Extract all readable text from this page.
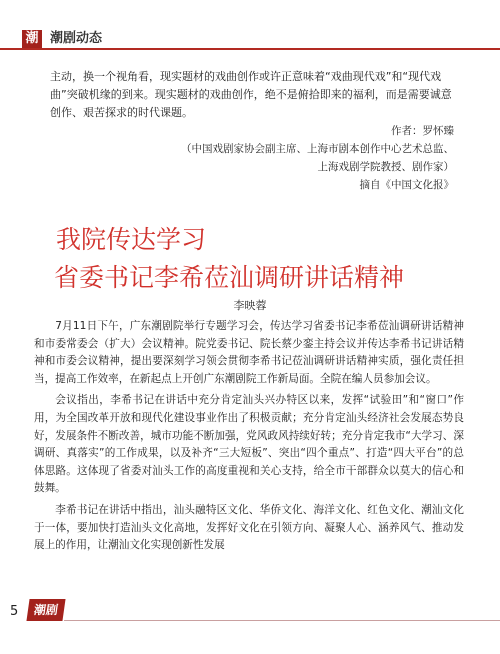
潮 潮剧动态

主动，换一个视角看，现实题材的戏曲创作或许正意味着“戏曲现代戏”和“现代戏曲”突破机缘的到来。现实题材的戏曲创作，绝不是俯拾即来的福利，而是需要诚意创作、艰苦探求的时代课题。

作者：罗怀臻
（中国戏剧家协会副主席、上海市剧本创作中心艺术总监、
上海戏剧学院教授、剧作家）
摘自《中国文化报》
我院传达学习
省委书记李希莅汕调研讲话精神
李映蓉

7月11日下午，广东潮剧院举行专题学习会，传达学习省委书记李希莅汕调研讲话精神和市委常委会（扩大）会议精神。院党委书记、院长蔡少銮主持会议并传达李希书记讲话精神和市委会议精神，提出要深刻学习领会贯彻李希书记莅汕调研讲话精神实质，强化责任担当，提高工作效率，在新起点上开创广东潮剧院工作新局面。全院在编人员参加会议。

会议指出，李希书记在讲话中充分肯定汕头兴办特区以来，发挥“试验田”和“窗口”作用，为全国改革开放和现代化建设事业作出了积极贡献；充分肯定汕头经济社会发展态势良好，发展条件不断改善，城市功能不断加强，党风政风持续好转；充分肯定我市“大学习、深调研、真落实”的工作成果，以及补齐“三大短板”、突出“四个重点”、打造“四大平台”的总体思路。这体现了省委对汕头工作的高度重视和关心支持，给全市干部群众以莫大的信心和鼓舞。

李希书记在讲话中指出，汕头融特区文化、华侨文化、海洋文化、红色文化、潮汕文化于一体，要加快打造汕头文化高地，发挥好文化在引领方向、凝聚人心、涵养风气、推动发展上的作用，让潮汕文化实现创新性发展

5	潮剧
